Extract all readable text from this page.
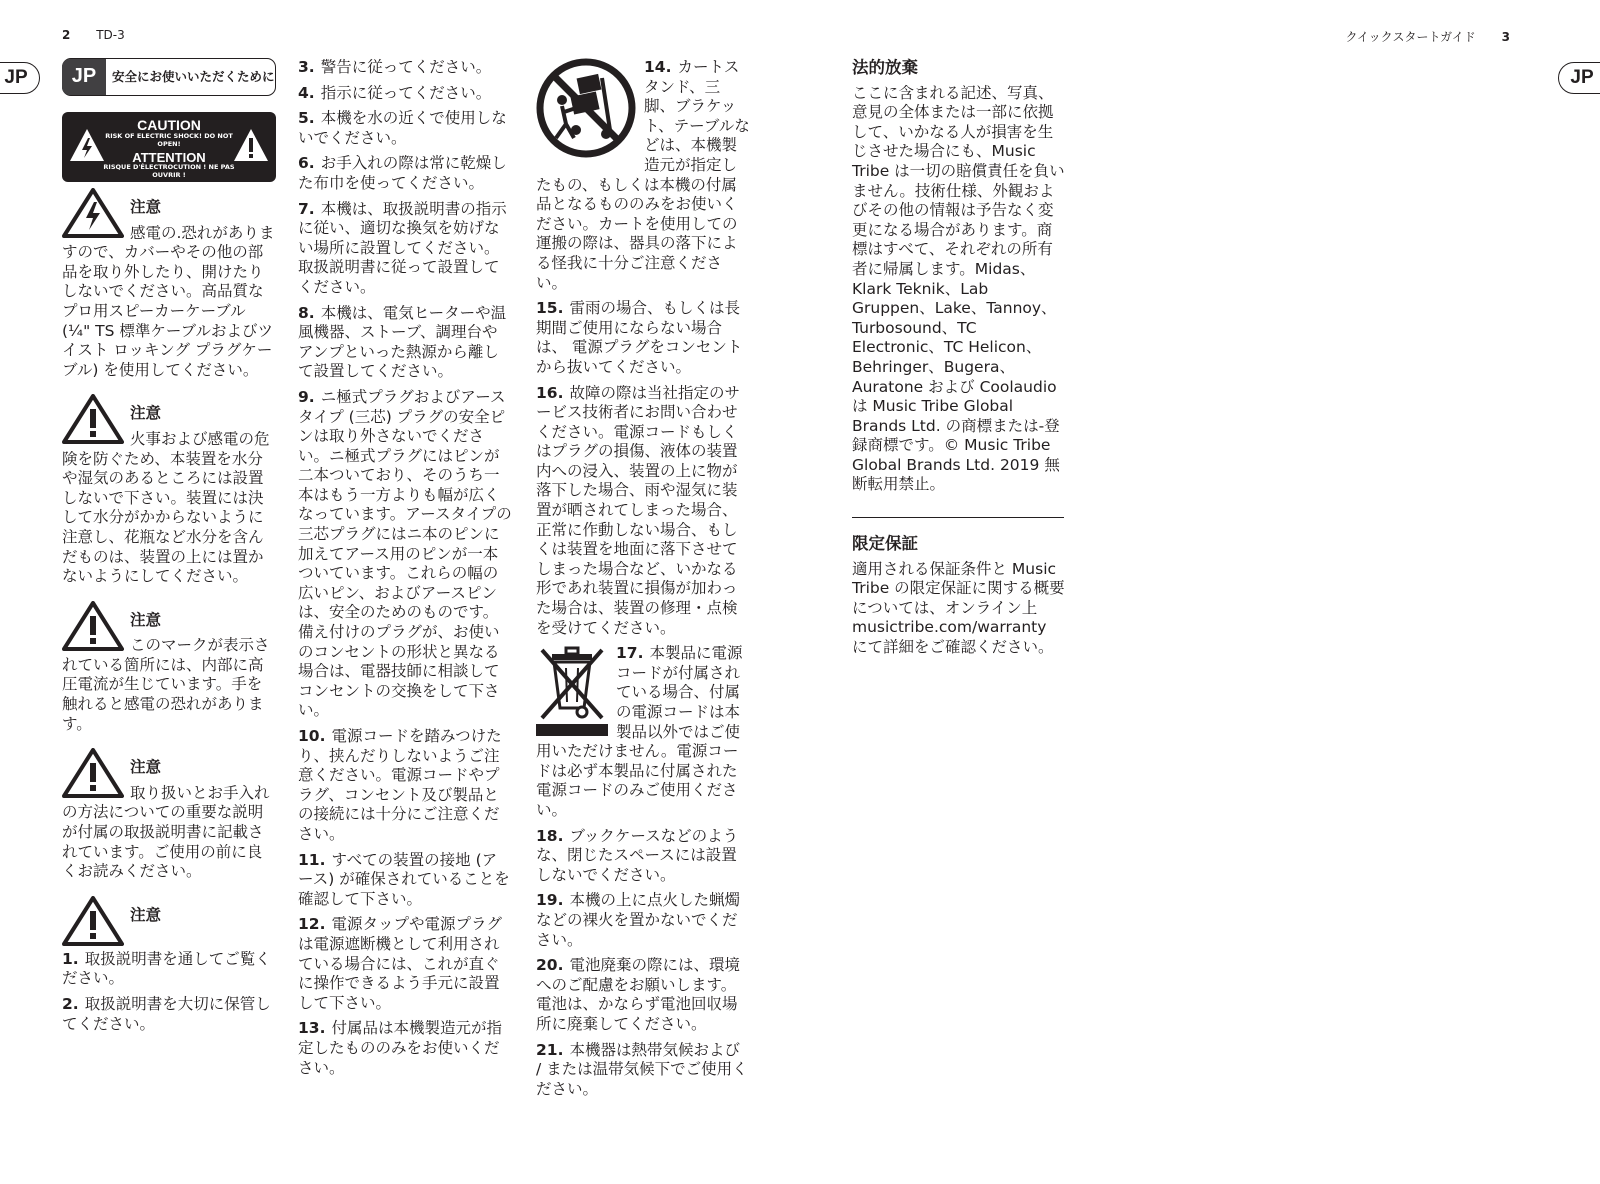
2 TD-3	クイックスタートガイド 3
JP	JP
JP	安全にお使いいただくために
CAUTION
RISK OF ELECTRIC SHOCK! DO NOT OPEN!
ATTENTION
RISQUE D'ÉLECTROCUTION ! NE PAS OUVRIR !
注意
感電の.恐れがありますので、カバーやその他の部品を取り外したり、開けたりしないでください。高品質なプロ用スピーカーケーブル (¼" TS 標準ケーブルおよびツイスト ロッキング プラグケーブル) を使用してください。
注意
火事および感電の危険を防ぐため、本装置を水分や湿気のあるところには設置しないで下さい。装置には決して水分がかからないように注意し、花瓶など水分を含んだものは、装置の上には置かないようにしてください。
注意
このマークが表示されている箇所には、内部に高圧電流が生じています。手を触れると感電の恐れがあります。
注意
取り扱いとお手入れの方法についての重要な説明が付属の取扱説明書に記載されています。ご使用の前に良くお読みください。
注意

1. 取扱説明書を通してご覧ください。

2. 取扱説明書を大切に保管してください。

3. 警告に従ってください。

4. 指示に従ってください。

5. 本機を水の近くで使用しないでください。

6. お手入れの際は常に乾燥した布巾を使ってください。

7. 本機は、取扱説明書の指示に従い、適切な換気を妨げない場所に設置してください。取扱説明書に従って設置してください。

8. 本機は、電気ヒーターや温風機器、ストーブ、調理台やアンプといった熱源から離して設置してください。

9. ニ極式プラグおよびアースタイプ (三芯) プラグの安全ピンは取り外さないでください。ニ極式プラグにはピンが二本ついており、そのうち一本はもう一方よりも幅が広くなっています。アースタイプの三芯プラグにはニ本のピンに加えてアース用のピンが一本ついています。これらの幅の広いピン、およびアースピンは、安全のためのものです。備え付けのプラグが、お使いのコンセントの形状と異なる場合は、電器技師に相談してコンセントの交換をして下さい。

10. 電源コードを踏みつけたり、挟んだりしないようご注意ください。電源コードやプラグ、コンセント及び製品との接続には十分にご注意ください。

11. すべての装置の接地 (アース) が確保されていることを確認して下さい。

12. 電源タップや電源プラグは電源遮断機として利用されている場合には、これが直ぐに操作できるよう手元に設置して下さい。

13. 付属品は本機製造元が指定したもののみをお使いください。

14. カートスタンド、三脚、ブラケット、テーブルなどは、本機製造元が指定したもの、もしくは本機の付属品となるもののみをお使いください。カートを使用しての運搬の際は、器具の落下による怪我に十分ご注意ください。

15. 雷雨の場合、もしくは長期間ご使用にならない場合は、 電源プラグをコンセントから抜いてください。

16. 故障の際は当社指定のサービス技術者にお問い合わせください。電源コードもしくはプラグの損傷、液体の装置内への浸入、装置の上に物が落下した場合、雨や湿気に装置が晒されてしまった場合、正常に作動しない場合、もしくは装置を地面に落下させてしまった場合など、いかなる形であれ装置に損傷が加わった場合は、装置の修理・点検を受けてください。

17. 本製品に電源コードが付属されている場合、付属の電源コードは本製品以外ではご使用いただけません。電源コードは必ず本製品に付属された電源コードのみご使用ください。

18. ブックケースなどのような、閉じたスペースには設置しないでください。

19. 本機の上に点火した蝋燭などの裸火を置かないでください。

20. 電池廃棄の際には、環境へのご配慮をお願いします。電池は、かならず電池回収場所に廃棄してください。

21. 本機器は熱帯気候および / または温帯気候下でご使用ください。

法的放棄
ここに含まれる記述、写真、意見の全体または一部に依拠して、いかなる人が損害を生じさせた場合にも、Music Tribe は一切の賠償責任を負いません。技術仕様、外観およびその他の情報は予告なく変更になる場合があります。商標はすべて、それぞれの所有者に帰属します。Midas、Klark Teknik、Lab Gruppen、Lake、Tannoy、Turbosound、TC Electronic、TC Helicon、Behringer、Bugera、Auratone および Coolaudio は Music Tribe Global Brands Ltd. の商標または-登録商標です。© Music Tribe Global Brands Ltd. 2019 無断転用禁止。
限定保証
適用される保証条件と Music Tribe の限定保証に関する概要については、オンライン上 musictribe.com/warranty にて詳細をご確認ください。
